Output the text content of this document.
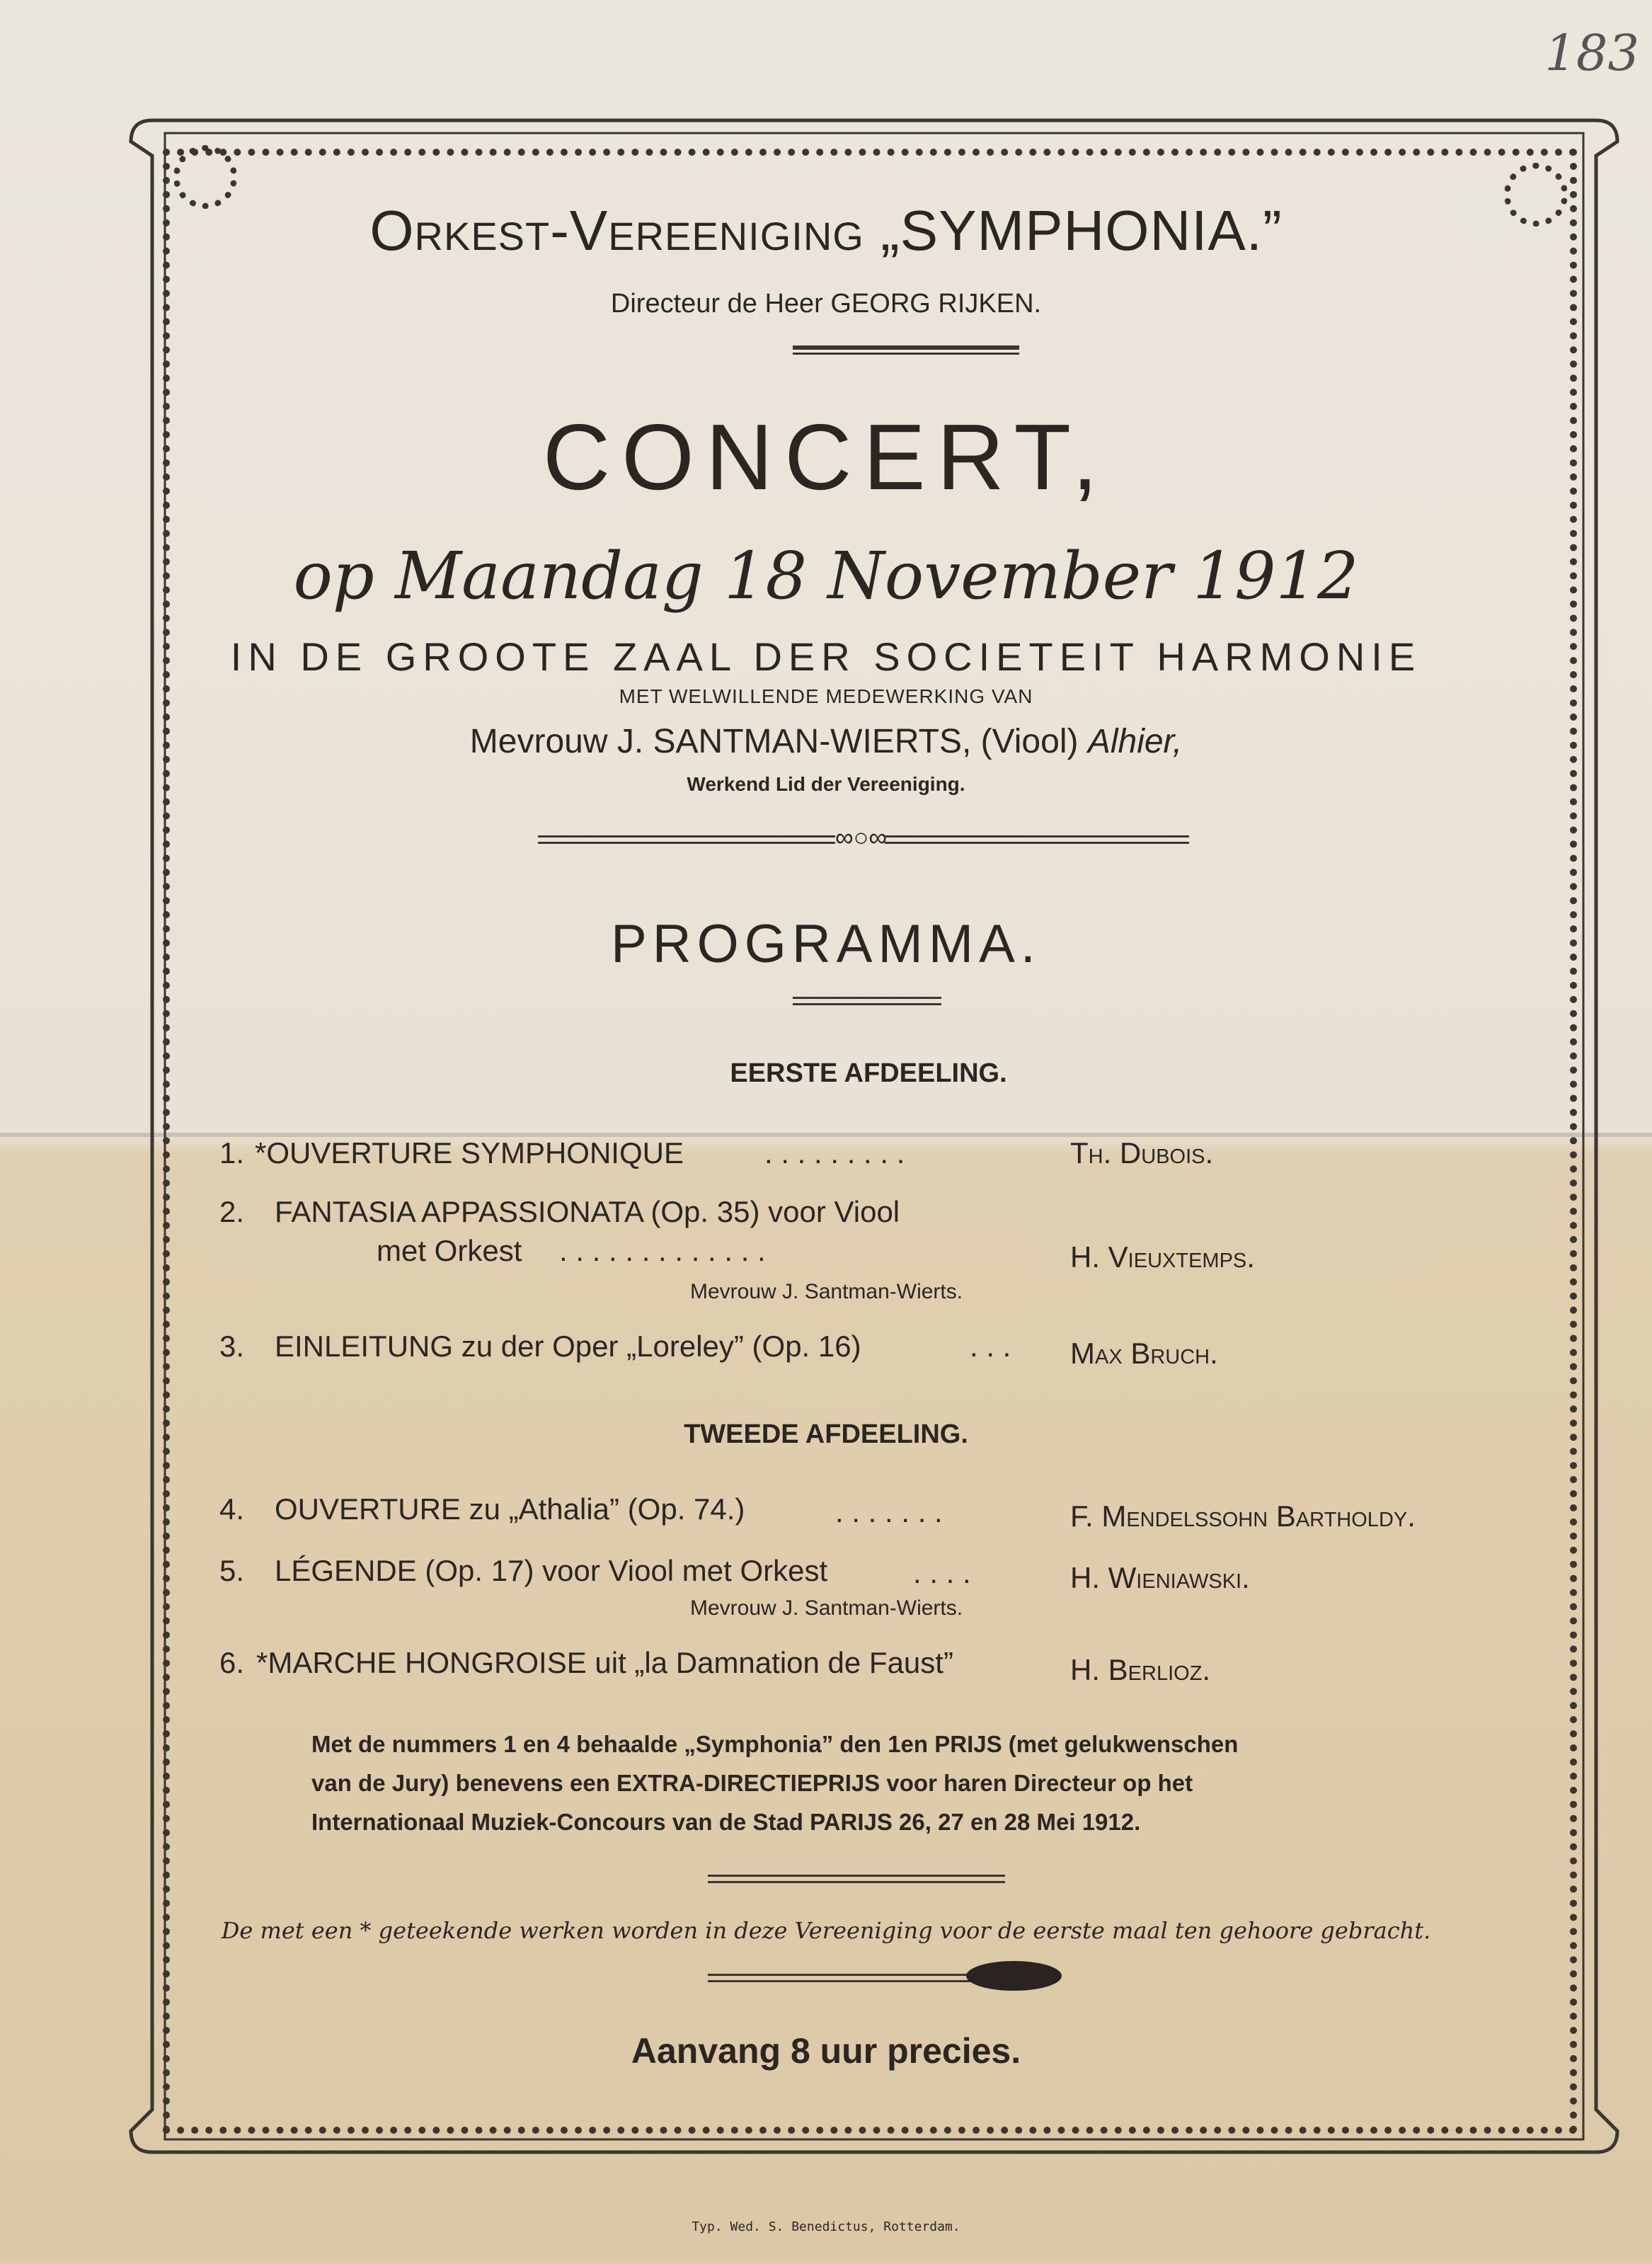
183
Orkest-Vereeniging „SYMPHONIA.”
Directeur de Heer GEORG RIJKEN.
CONCERT,
op Maandag 18 November 1912
IN DE GROOTE ZAAL DER SOCIETEIT HARMONIE
MET WELWILLENDE MEDEWERKING VAN
Mevrouw J. SANTMAN-WIERTS, (Viool) Alhier,
Werkend Lid der Vereeniging.
∞○∞
PROGRAMMA.
EERSTE AFDEELING.
1. *OUVERTURE SYMPHONIQUE	. . . . . . . . .	Th. Dubois.
2. FANTASIA APPASSIONATA (Op. 35) voor Viool
met Orkest . . . . . . . . . . . . .	H. Vieuxtemps.
Mevrouw J. Santman-Wierts.
3. EINLEITUNG zu der Oper „Loreley” (Op. 16)	. . . Max Bruch.
TWEEDE AFDEELING.
4. OUVERTURE zu „Athalia” (Op. 74.)	. . . . . . .	F. Mendelssohn Bartholdy.
5. LÉGENDE (Op. 17) voor Viool met Orkest	. . . .	H. Wieniawski.
Mevrouw J. Santman-Wierts.
6. *MARCHE HONGROISE uit „la Damnation de Faust”	H. Berlioz.
Met de nummers 1 en 4 behaalde „Symphonia” den 1en PRIJS (met gelukwenschen
van de Jury) benevens een EXTRA-DIRECTIEPRIJS voor haren Directeur op het
Internationaal Muziek-Concours van de Stad PARIJS 26, 27 en 28 Mei 1912.
De met een * geteekende werken worden in deze Vereeniging voor de eerste maal ten gehoore gebracht.
Aanvang 8 uur precies.
Typ. Wed. S. Benedictus, Rotterdam.
